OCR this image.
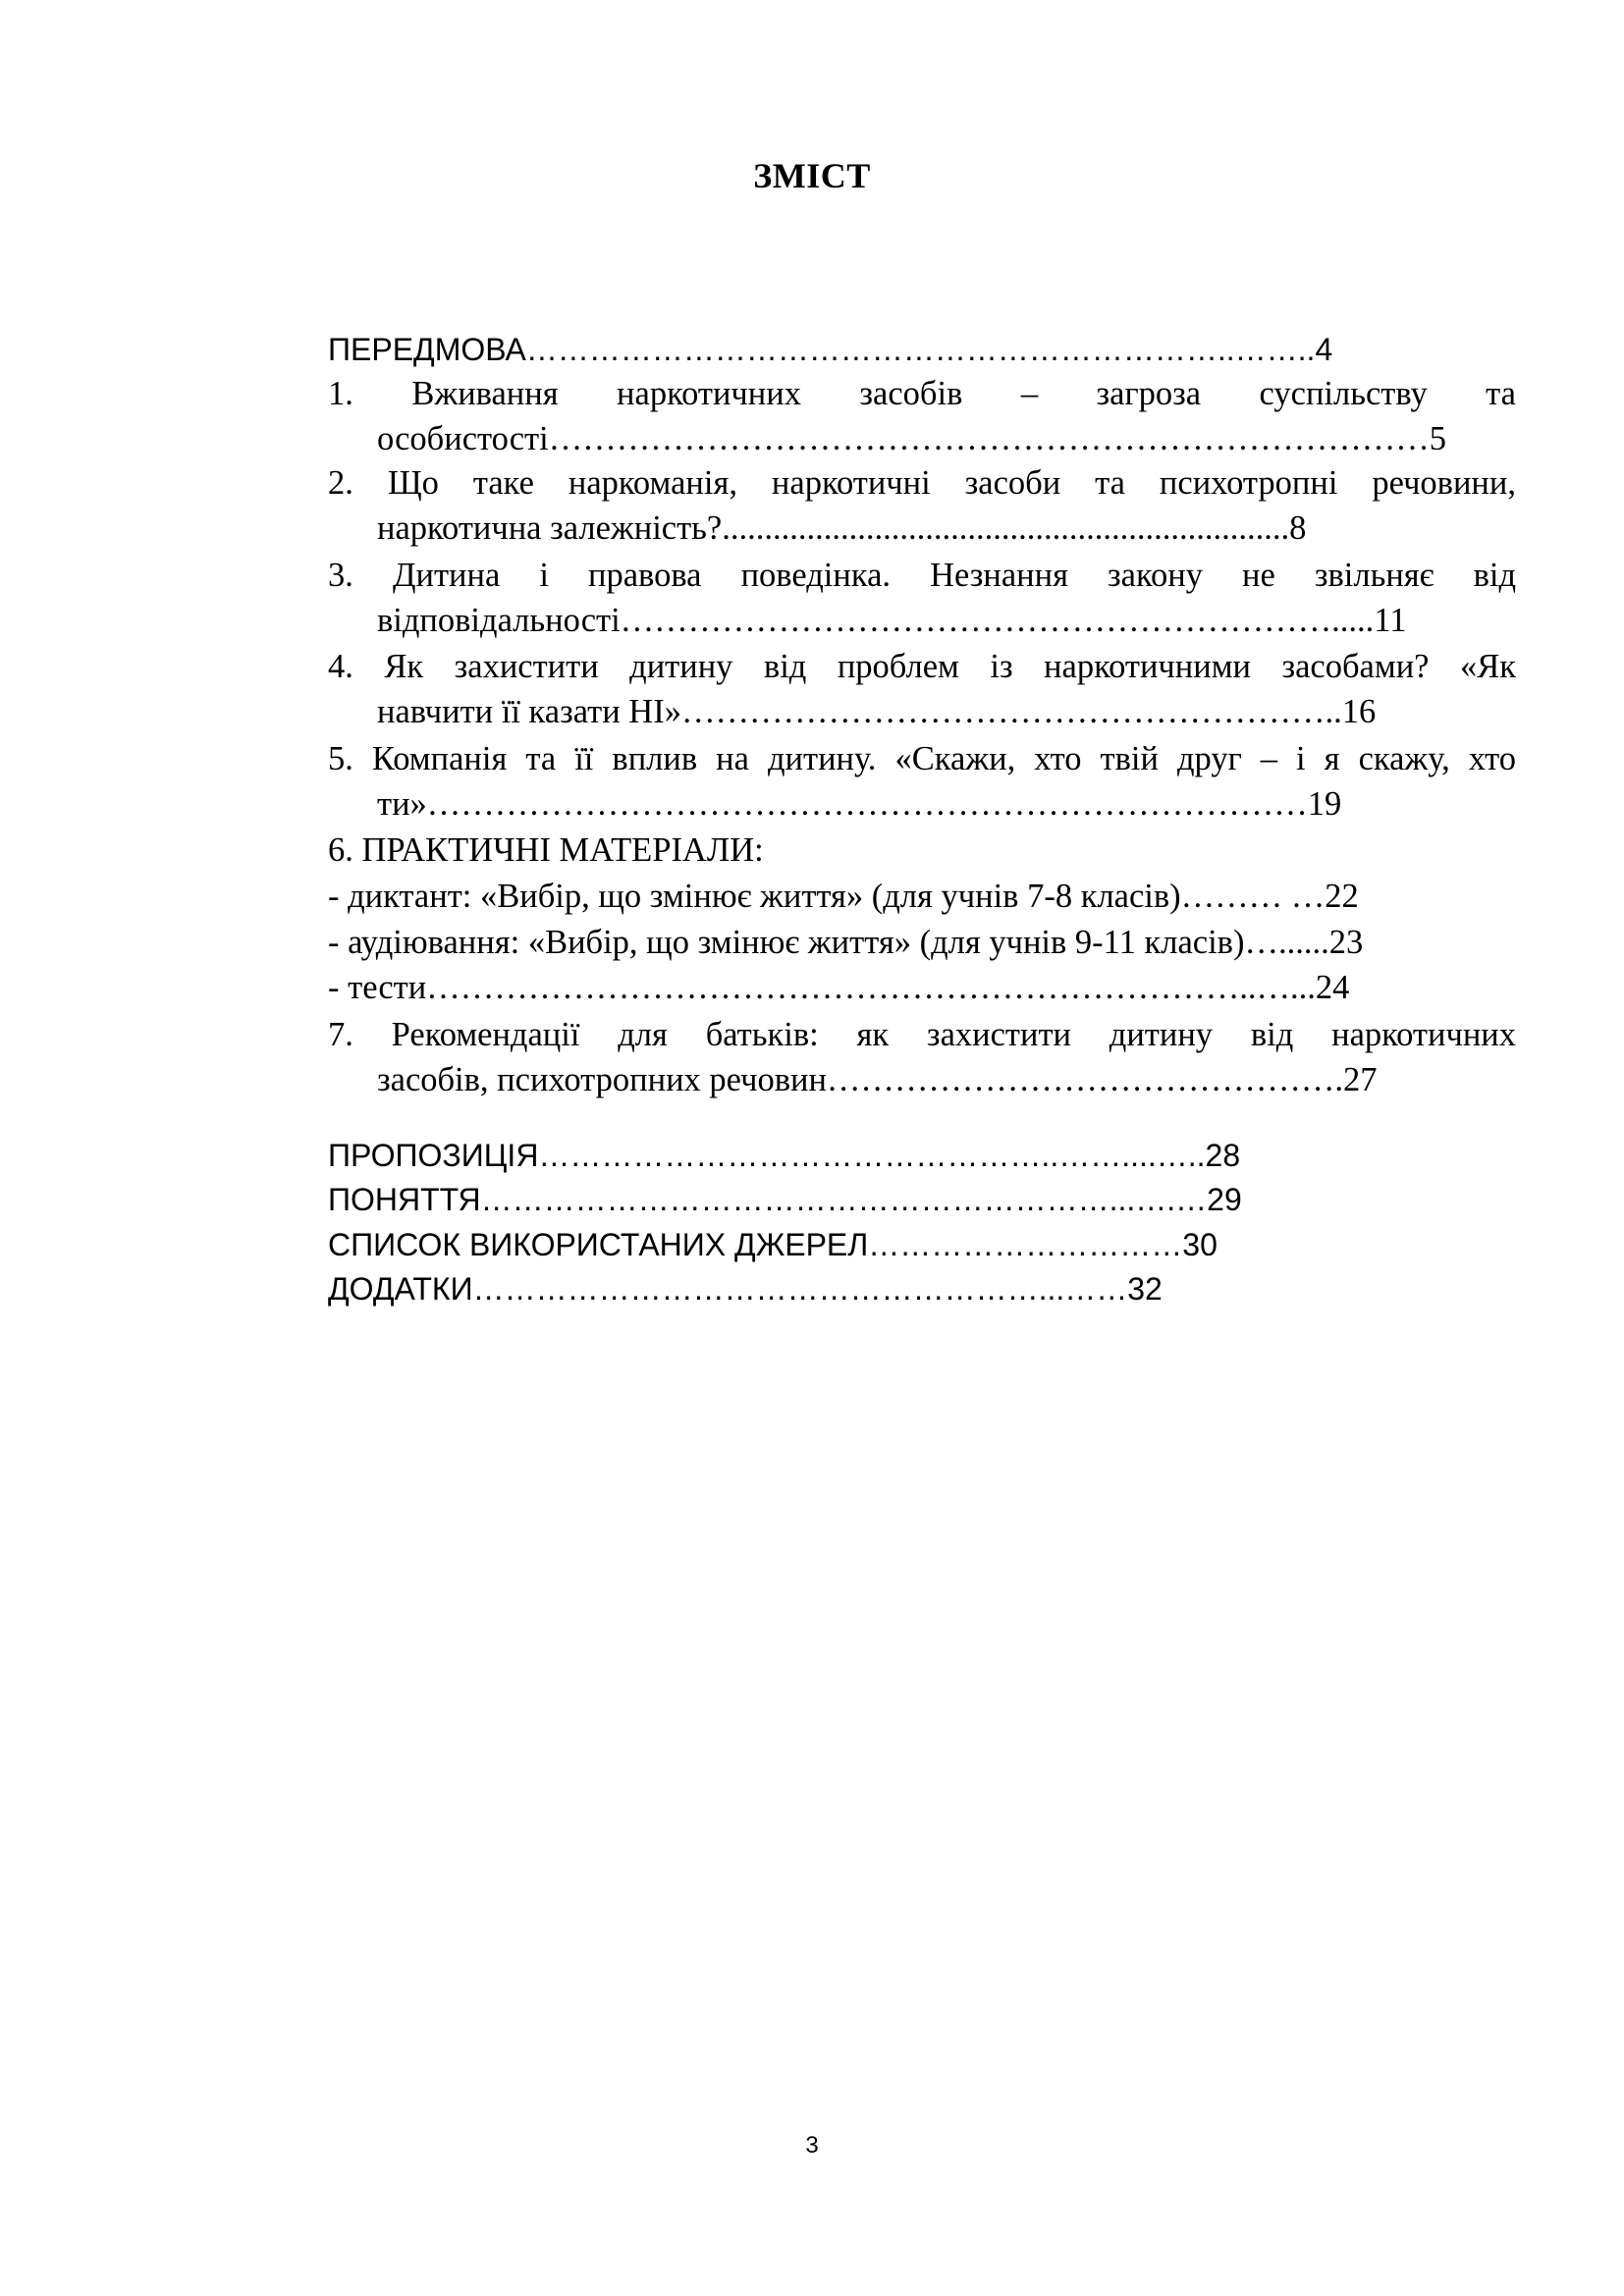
ЗМІСТ
ПЕРЕДМОВА…………………………………………………………..……..4
1. Вживання наркотичних засобів – загроза суспільству та
особистості……………………………………………………………………5
2. Що таке наркоманія, наркотичні засоби та психотропні речовини,
наркотична залежність?...................................................................8
3. Дитина і правова поведінка. Незнання закону не звільняє від
відповідальності……………………………………………………….....11
4. Як захистити дитину від проблем із наркотичними засобами? «Як
навчити її казати НІ»…………………………………………………..16
5. Компанія та її вплив на дитину. «Скажи, хто твій друг – і я скажу, хто
ти»……………………………………………………………………19
6. ПРАКТИЧНІ МАТЕРІАЛИ:
- диктант: «Вибір, що змінює життя» (для учнів 7-8 класів)……… …22
- аудіювання: «Вибір, що змінює життя» (для учнів 9-11 класів)…......23
- тести………………………………………………………………..…...24
7. Рекомендації для батьків: як захистити дитину від наркотичних
засобів, психотропних речовин……………………………………….27
ПРОПОЗИЦІЯ…………………………………………..……....…..28
ПОНЯТТЯ……………………………………………………...….…29
СПИСОК ВИКОРИСТАНИХ ДЖЕРЕЛ…………………………30
ДОДАТКИ………………………………………………...……32
3
